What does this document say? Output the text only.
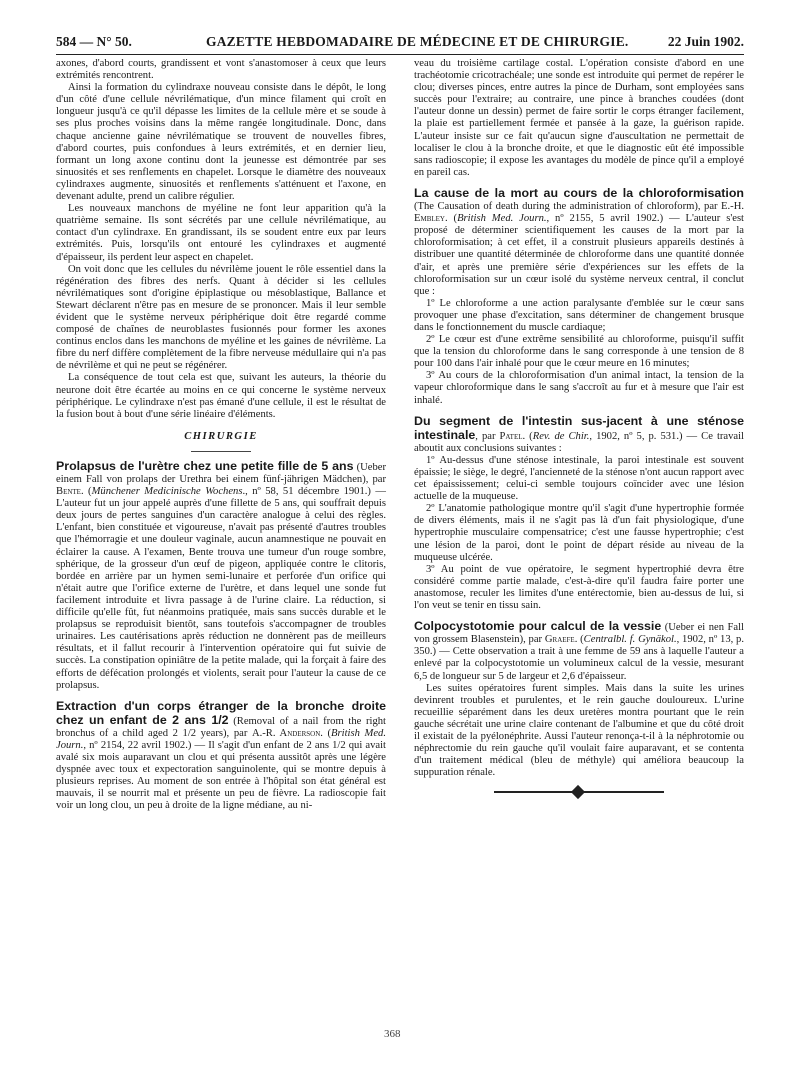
584 — N° 50.	GAZETTE HEBDOMADAIRE DE MÉDECINE ET DE CHIRURGIE.	22 Juin 1902.

axones, d'abord courts, grandissent et vont s'anastomoser à ceux que leurs extrémités rencontrent.

Ainsi la formation du cylindraxe nouveau consiste dans le dépôt, le long d'un côté d'une cellule névrilématique, d'un mince filament qui croît en longueur jusqu'à ce qu'il dépasse les limites de la cellule mère et se soude à ses plus proches voisins dans la même rangée longitudinale. Donc, dans chaque ancienne gaine névrilématique se trouvent de nouvelles fibres, d'abord courtes, puis confondues à leurs extrémités, et en dernier lieu, formant un long axone continu dont la jeunesse est démontrée par ses sinuosités et ses renflements en chapelet. Lorsque le diamètre des nouveaux cylindraxes augmente, sinuosités et renflements s'atténuent et l'axone, en devenant adulte, prend un calibre régulier.

Les nouveaux manchons de myéline ne font leur apparition qu'à la quatrième semaine. Ils sont sécrétés par une cellule névrilématique, au contact d'un cylindraxe. En grandissant, ils se soudent entre eux par leurs extrémités. Puis, lorsqu'ils ont entouré les cylindraxes et augmenté d'épaisseur, ils perdent leur aspect en chapelet.

On voit donc que les cellules du névrilème jouent le rôle essentiel dans la régénération des fibres des nerfs. Quant à décider si les cellules névrilématiques sont d'origine épiplastique ou mésoblastique, Ballance et Stewart déclarent n'être pas en mesure de se prononcer. Mais il leur semble évident que le système nerveux périphérique doit être regardé comme composé de chaînes de neuroblastes fusionnés pour former les axones continus enclos dans les manchons de myéline et les gaines de névrilème. La fibre du nerf diffère complètement de la fibre nerveuse médullaire qui n'a pas de névrilème et qui ne peut se régénérer.

La conséquence de tout cela est que, suivant les auteurs, la théorie du neurone doit être écartée au moins en ce qui concerne le système nerveux périphérique. Le cylindraxe n'est pas émané d'une cellule, il est le résultat de la fusion bout à bout d'une série linéaire d'éléments.

CHIRURGIE

Prolapsus de l'urètre chez une petite fille de 5 ans (Ueber einem Fall von prolaps der Urethra bei einem fünf-jährigen Mädchen), par Bente. (Münchener Medicinische Wochens., nº 58, 51 décembre 1901.) — L'auteur fut un jour appelé auprès d'une fillette de 5 ans, qui souffrait depuis deux jours de pertes sanguines d'un caractère analogue à celui des règles. L'enfant, bien constituée et vigoureuse, n'avait pas présenté d'autres troubles que l'hémorragie et une douleur vaginale, aucun anamnestique ne pouvait en éclairer la cause. A l'examen, Bente trouva une tumeur d'un rouge sombre, sphérique, de la grosseur d'un œuf de pigeon, appliquée contre le clitoris, bordée en arrière par un hymen semi-lunaire et perforée d'un orifice qui n'était autre que l'orifice externe de l'urètre, et dans lequel une sonde fut facilement introduite et livra passage à de l'urine claire. La réduction, si difficile qu'elle fût, fut néanmoins pratiquée, mais sans succès durable et le prolapsus se reproduisit bientôt, sans toutefois s'accompagner de troubles urinaires. Les cautérisations après réduction ne donnèrent pas de meilleurs résultats, et il fallut recourir à l'intervention opératoire qui fut suivie de succès. La constipation opiniâtre de la petite malade, qui la forçait à faire des efforts de défécation prolongés et violents, serait pour l'auteur la cause de ce prolapsus.

Extraction d'un corps étranger de la bronche droite chez un enfant de 2 ans 1/2 (Removal of a nail from the right bronchus of a child aged 2 1/2 years), par A.-R. Anderson. (British Med. Journ., nº 2154, 22 avril 1902.) — Il s'agit d'un enfant de 2 ans 1/2 qui avait avalé six mois auparavant un clou et qui présenta aussitôt après une légère dyspnée avec toux et expectoration sanguinolente, qui se montre depuis à plusieurs reprises. Au moment de son entrée à l'hôpital son état général est mauvais, il se nourrit mal et présente un peu de fièvre. La radioscopie fait voir un long clou, un peu à droite de la ligne médiane, au ni-

veau du troisième cartilage costal. L'opération consiste d'abord en une trachéotomie cricotrachéale; une sonde est introduite qui permet de repérer le clou; diverses pinces, entre autres la pince de Durham, sont employées sans succès pour l'extraire; au contraire, une pince à branches coudées (dont l'auteur donne un dessin) permet de faire sortir le corps étranger facilement, la plaie est partiellement fermée et pansée à la gaze, la guérison rapide. L'auteur insiste sur ce fait qu'aucun signe d'auscultation ne permettait de localiser le clou à la bronche droite, et que le diagnostic eût été impossible sans radioscopie; il expose les avantages du modèle de pince qu'il a employé en pareil cas.

La cause de la mort au cours de la chloroformisation (The Causation of death during the administration of chloroform), par E.-H. Embley. (British Med. Journ., nº 2155, 5 avril 1902.) — L'auteur s'est proposé de déterminer scientifiquement les causes de la mort par la chloroformisation; à cet effet, il a construit plusieurs appareils destinés à distribuer une quantité déterminée de chloroforme dans une quantité donnée d'air, et après une première série d'expériences sur les effets de la chloroformisation sur un cœur isolé du système nerveux central, il conclut que :

1º Le chloroforme a une action paralysante d'emblée sur le cœur sans provoquer une phase d'excitation, sans déterminer de changement brusque dans le fonctionnement du muscle cardiaque;

2º Le cœur est d'une extrême sensibilité au chloroforme, puisqu'il suffit que la tension du chloroforme dans le sang corresponde à une tension de 8 pour 100 dans l'air inhalé pour que le cœur meure en 16 minutes;

3º Au cours de la chloroformisation d'un animal intact, la tension de la vapeur chloroformique dans le sang s'accroît au fur et à mesure que l'air est inhalé.

Du segment de l'intestin sus-jacent à une sténose intestinale, par Patel. (Rev. de Chir., 1902, nº 5, p. 531.) — Ce travail aboutit aux conclusions suivantes :

1º Au-dessus d'une sténose intestinale, la paroi intestinale est souvent épaissie; le siège, le degré, l'ancienneté de la sténose n'ont aucun rapport avec cet épaississement; celui-ci semble toujours coïncider avec une lésion actuelle de la muqueuse.

2º L'anatomie pathologique montre qu'il s'agit d'une hypertrophie formée de divers éléments, mais il ne s'agit pas là d'un fait physiologique, d'une hypertrophie musculaire compensatrice; c'est une fausse hypertrophie; c'est une lésion de la paroi, dont le point de départ réside au niveau de la muqueuse ulcérée.

3º Au point de vue opératoire, le segment hypertrophié devra être considéré comme partie malade, c'est-à-dire qu'il faudra faire porter une anastomose, reculer les limites d'une entérectomie, bien au-dessus de lui, si l'on veut se tenir en tissu sain.

Colpocystotomie pour calcul de la vessie (Ueber ei nen Fall von grossem Blasenstein), par Graefe. (Centralbl. f. Gynäkol., 1902, nº 13, p. 350.) — Cette observation a trait à une femme de 59 ans à laquelle l'auteur a enlevé par la colpocystotomie un volumineux calcul de la vessie, mesurant 6,5 de longueur sur 5 de largeur et 2,6 d'épaisseur.

Les suites opératoires furent simples. Mais dans la suite les urines devinrent troubles et purulentes, et le rein gauche douloureux. L'urine recueillie séparément dans les deux uretères montra pourtant que le rein gauche sécrétait une urine claire contenant de l'albumine et que du côté droit il existait de la pyélonéphrite. Aussi l'auteur renonça-t-il à la néphrotomie ou néphrectomie du rein gauche qu'il voulait faire auparavant, et se contenta d'un traitement médical (bleu de méthyle) qui améliora beaucoup la suppuration rénale.

368
